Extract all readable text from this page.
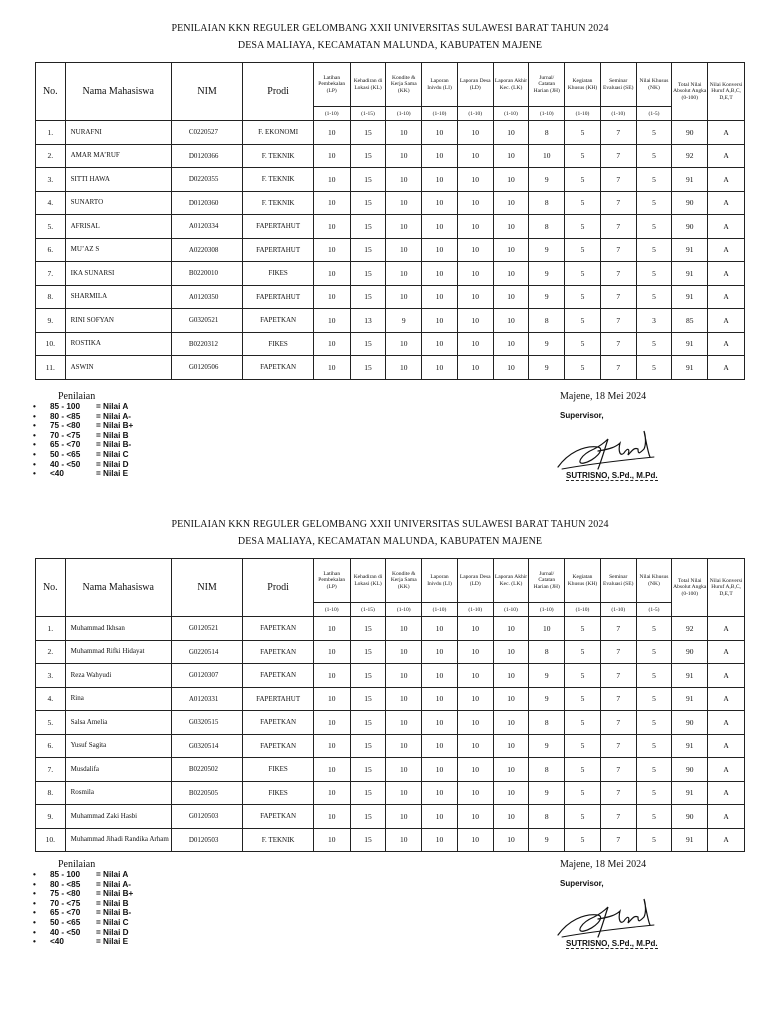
PENILAIAN KKN REGULER GELOMBANG XXII UNIVERSITAS SULAWESI BARAT TAHUN 2024
DESA MALIAYA, KECAMATAN MALUNDA, KABUPATEN MAJENE
No.	Nama Mahasiswa	NIM	Prodi	Latihan Pembekalan (LP)	Kehadiran di Lokasi (KL)	Kondite & Kerja Sama (KK)	Laporan Inivdu (LI)	Laporan Desa (LD)	Laporan Akhir Kec. (LK)	Jurnal/ Catatan Harian (JH)	Kegiatan Khusus (KH)	Seminar Evaluasi (SE)	Nilai Khusus (NK)	Total Nilai Absolut Angka (0-100)	Nilai Konversi Huruf A,B,C, D,E,T
				(1-10)	(1-15)	(1-10)	(1-10)	(1-10)	(1-10)	(1-10)	(1-10)	(1-10)	(1-5)		
1.	NURAFNI	C0220527	F. EKONOMI	10	15	10	10	10	10	8	5	7	5	90	A
2.	AMAR MA’RUF	D0120366	F. TEKNIK	10	15	10	10	10	10	10	5	7	5	92	A
3.	SITTI HAWA	D0220355	F. TEKNIK	10	15	10	10	10	10	9	5	7	5	91	A
4.	SUNARTO	D0120360	F. TEKNIK	10	15	10	10	10	10	8	5	7	5	90	A
5.	AFRISAL	A0120334	FAPERTAHUT	10	15	10	10	10	10	8	5	7	5	90	A
6.	MU’AZ S	A0220308	FAPERTAHUT	10	15	10	10	10	10	9	5	7	5	91	A
7.	IKA SUNARSI	B0220010	FIKES	10	15	10	10	10	10	9	5	7	5	91	A
8.	SHARMILA	A0120350	FAPERTAHUT	10	15	10	10	10	10	9	5	7	5	91	A
9.	RINI SOFYAN	G0320521	FAPETKAN	10	13	9	10	10	10	8	5	7	3	85	A
10.	ROSTIKA	B0220312	FIKES	10	15	10	10	10	10	9	5	7	5	91	A
11.	ASWIN	G0120506	FAPETKAN	10	15	10	10	10	10	9	5	7	5	91	A
Penilaian
•	85 - 100	= Nilai A
•	80 - <85	= Nilai A-
•	75 - <80	= Nilai B+
•	70 - <75	= Nilai B
•	65 - <70	= Nilai B-
•	50 - <65	= Nilai C
•	40 - <50	= Nilai D
•	<40	= Nilai E
Majene, 18 Mei 2024
Supervisor,
SUTRISNO, S.Pd., M.Pd.
PENILAIAN KKN REGULER GELOMBANG XXII UNIVERSITAS SULAWESI BARAT TAHUN 2024
DESA MALIAYA, KECAMATAN MALUNDA, KABUPATEN MAJENE
No.	Nama Mahasiswa	NIM	Prodi	Latihan Pembekalan (LP)	Kehadiran di Lokasi (KL)	Kondite & Kerja Sama (KK)	Laporan Inivdu (LI)	Laporan Desa (LD)	Laporan Akhir Kec. (LK)	Jurnal/ Catatan Harian (JH)	Kegiatan Khusus (KH)	Seminar Evaluasi (SE)	Nilai Khusus (NK)	Total Nilai Absolut Angka (0-100)	Nilai Konversi Huruf A,B,C, D,E,T
				(1-10)	(1-15)	(1-10)	(1-10)	(1-10)	(1-10)	(1-10)	(1-10)	(1-10)	(1-5)		
1.	Muhammad Ikhsan	G0120521	FAPETKAN	10	15	10	10	10	10	10	5	7	5	92	A
2.	Muhammad Rifki Hidayat	G0220514	FAPETKAN	10	15	10	10	10	10	8	5	7	5	90	A
3.	Reza Wahyudi	G0120307	FAPETKAN	10	15	10	10	10	10	9	5	7	5	91	A
4.	Rina	A0120331	FAPERTAHUT	10	15	10	10	10	10	9	5	7	5	91	A
5.	Salsa Amelia	G0320515	FAPETKAN	10	15	10	10	10	10	8	5	7	5	90	A
6.	Yusuf Sagita	G0320514	FAPETKAN	10	15	10	10	10	10	9	5	7	5	91	A
7.	Musdalifa	B0220502	FIKES	10	15	10	10	10	10	8	5	7	5	90	A
8.	Rosmila	B0220505	FIKES	10	15	10	10	10	10	9	5	7	5	91	A
9.	Muhammad Zaki Hasbi	G0120503	FAPETKAN	10	15	10	10	10	10	8	5	7	5	90	A
10.	Muhammad Jihadi Randika Arham	D0120503	F. TEKNIK	10	15	10	10	10	10	9	5	7	5	91	A
Penilaian
•	85 - 100	= Nilai A
•	80 - <85	= Nilai A-
•	75 - <80	= Nilai B+
•	70 - <75	= Nilai B
•	65 - <70	= Nilai B-
•	50 - <65	= Nilai C
•	40 - <50	= Nilai D
•	<40	= Nilai E
Majene, 18 Mei 2024
Supervisor,
SUTRISNO, S.Pd., M.Pd.
